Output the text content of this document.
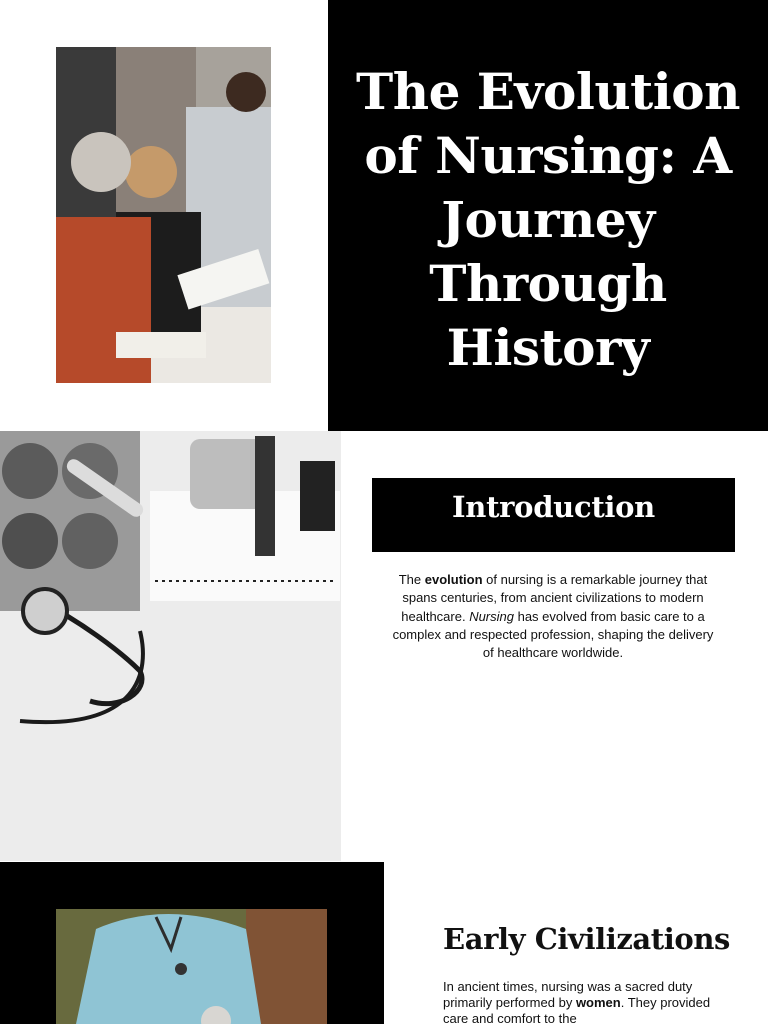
The Evolution of Nursing: A Journey Through History
Introduction

The evolution of nursing is a remarkable journey that spans centuries, from ancient civilizations to modern healthcare. Nursing has evolved from basic care to a complex and respected profession, shaping the delivery of healthcare worldwide.

Early Civilizations

In ancient times, nursing was a sacred duty primarily performed by women. They provided care and comfort to the
